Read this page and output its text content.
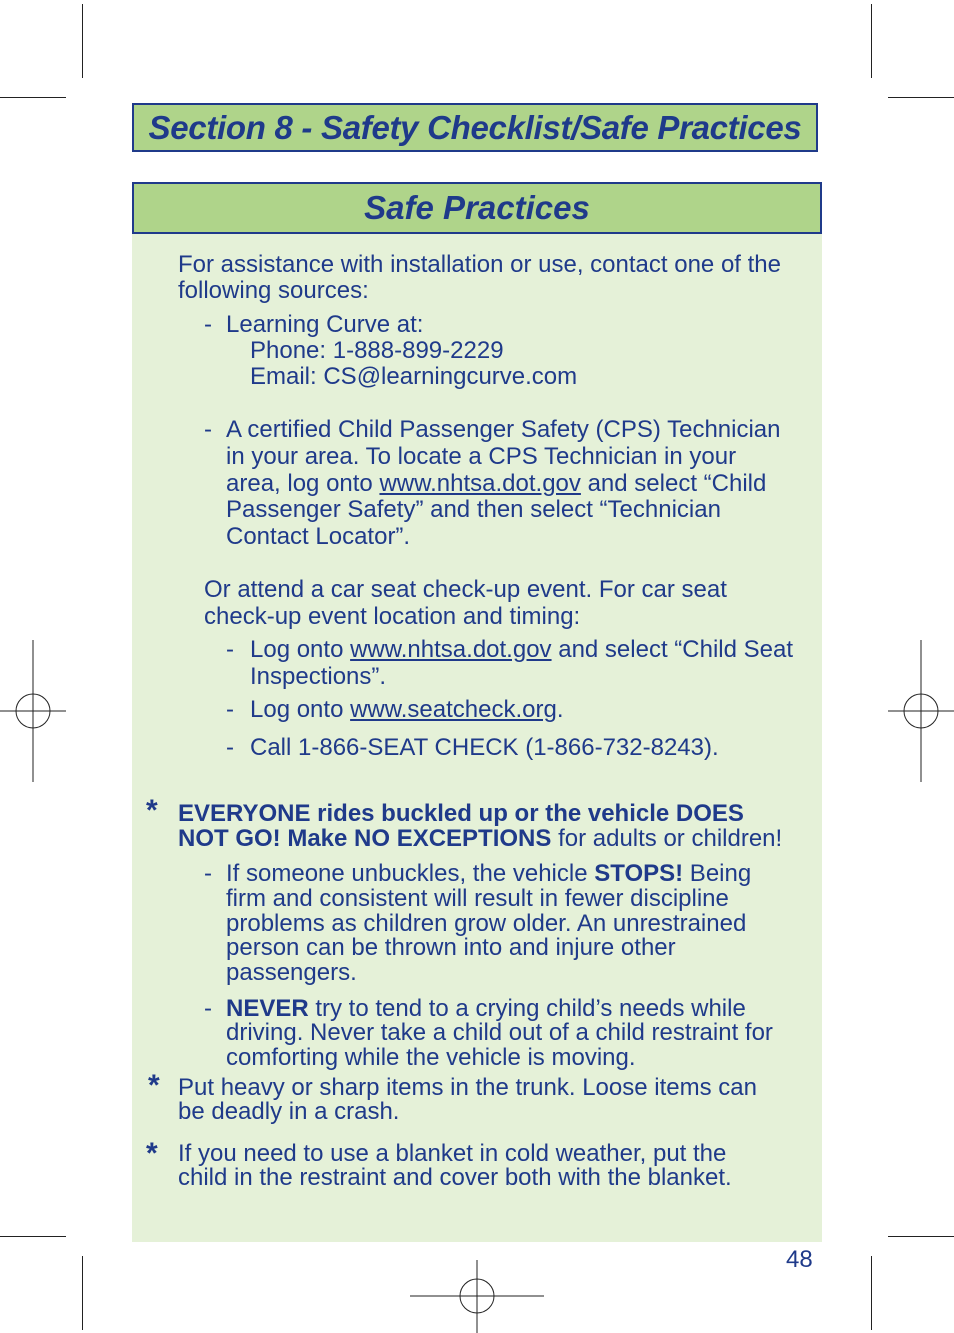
Section 8 - Safety Checklist/Safe Practices
Safe Practices
For assistance with installation or use, contact one of the
following sources:
- Learning Curve at:
Phone: 1-888-899-2229
Email: CS@learningcurve.com
- A certified Child Passenger Safety (CPS) Technician
in your area. To locate a CPS Technician in your
area, log onto www.nhtsa.dot.gov and select “Child
Passenger Safety” and then select “Technician
Contact Locator”.
Or attend a car seat check-up event. For car seat
check-up event location and timing:
- Log onto www.nhtsa.dot.gov and select “Child Seat
Inspections”.
- Log onto www.seatcheck.org.
- Call 1-866-SEAT CHECK (1-866-732-8243).
* EVERYONE rides buckled up or the vehicle DOES
NOT GO! Make NO EXCEPTIONS for adults or children!
- If someone unbuckles, the vehicle STOPS! Being
firm and consistent will result in fewer discipline
problems as children grow older. An unrestrained
person can be thrown into and injure other
passengers.
- NEVER try to tend to a crying child’s needs while
driving. Never take a child out of a child restraint for
comforting while the vehicle is moving.
* Put heavy or sharp items in the trunk. Loose items can
be deadly in a crash.
* If you need to use a blanket in cold weather, put the
child in the restraint and cover both with the blanket.
48
